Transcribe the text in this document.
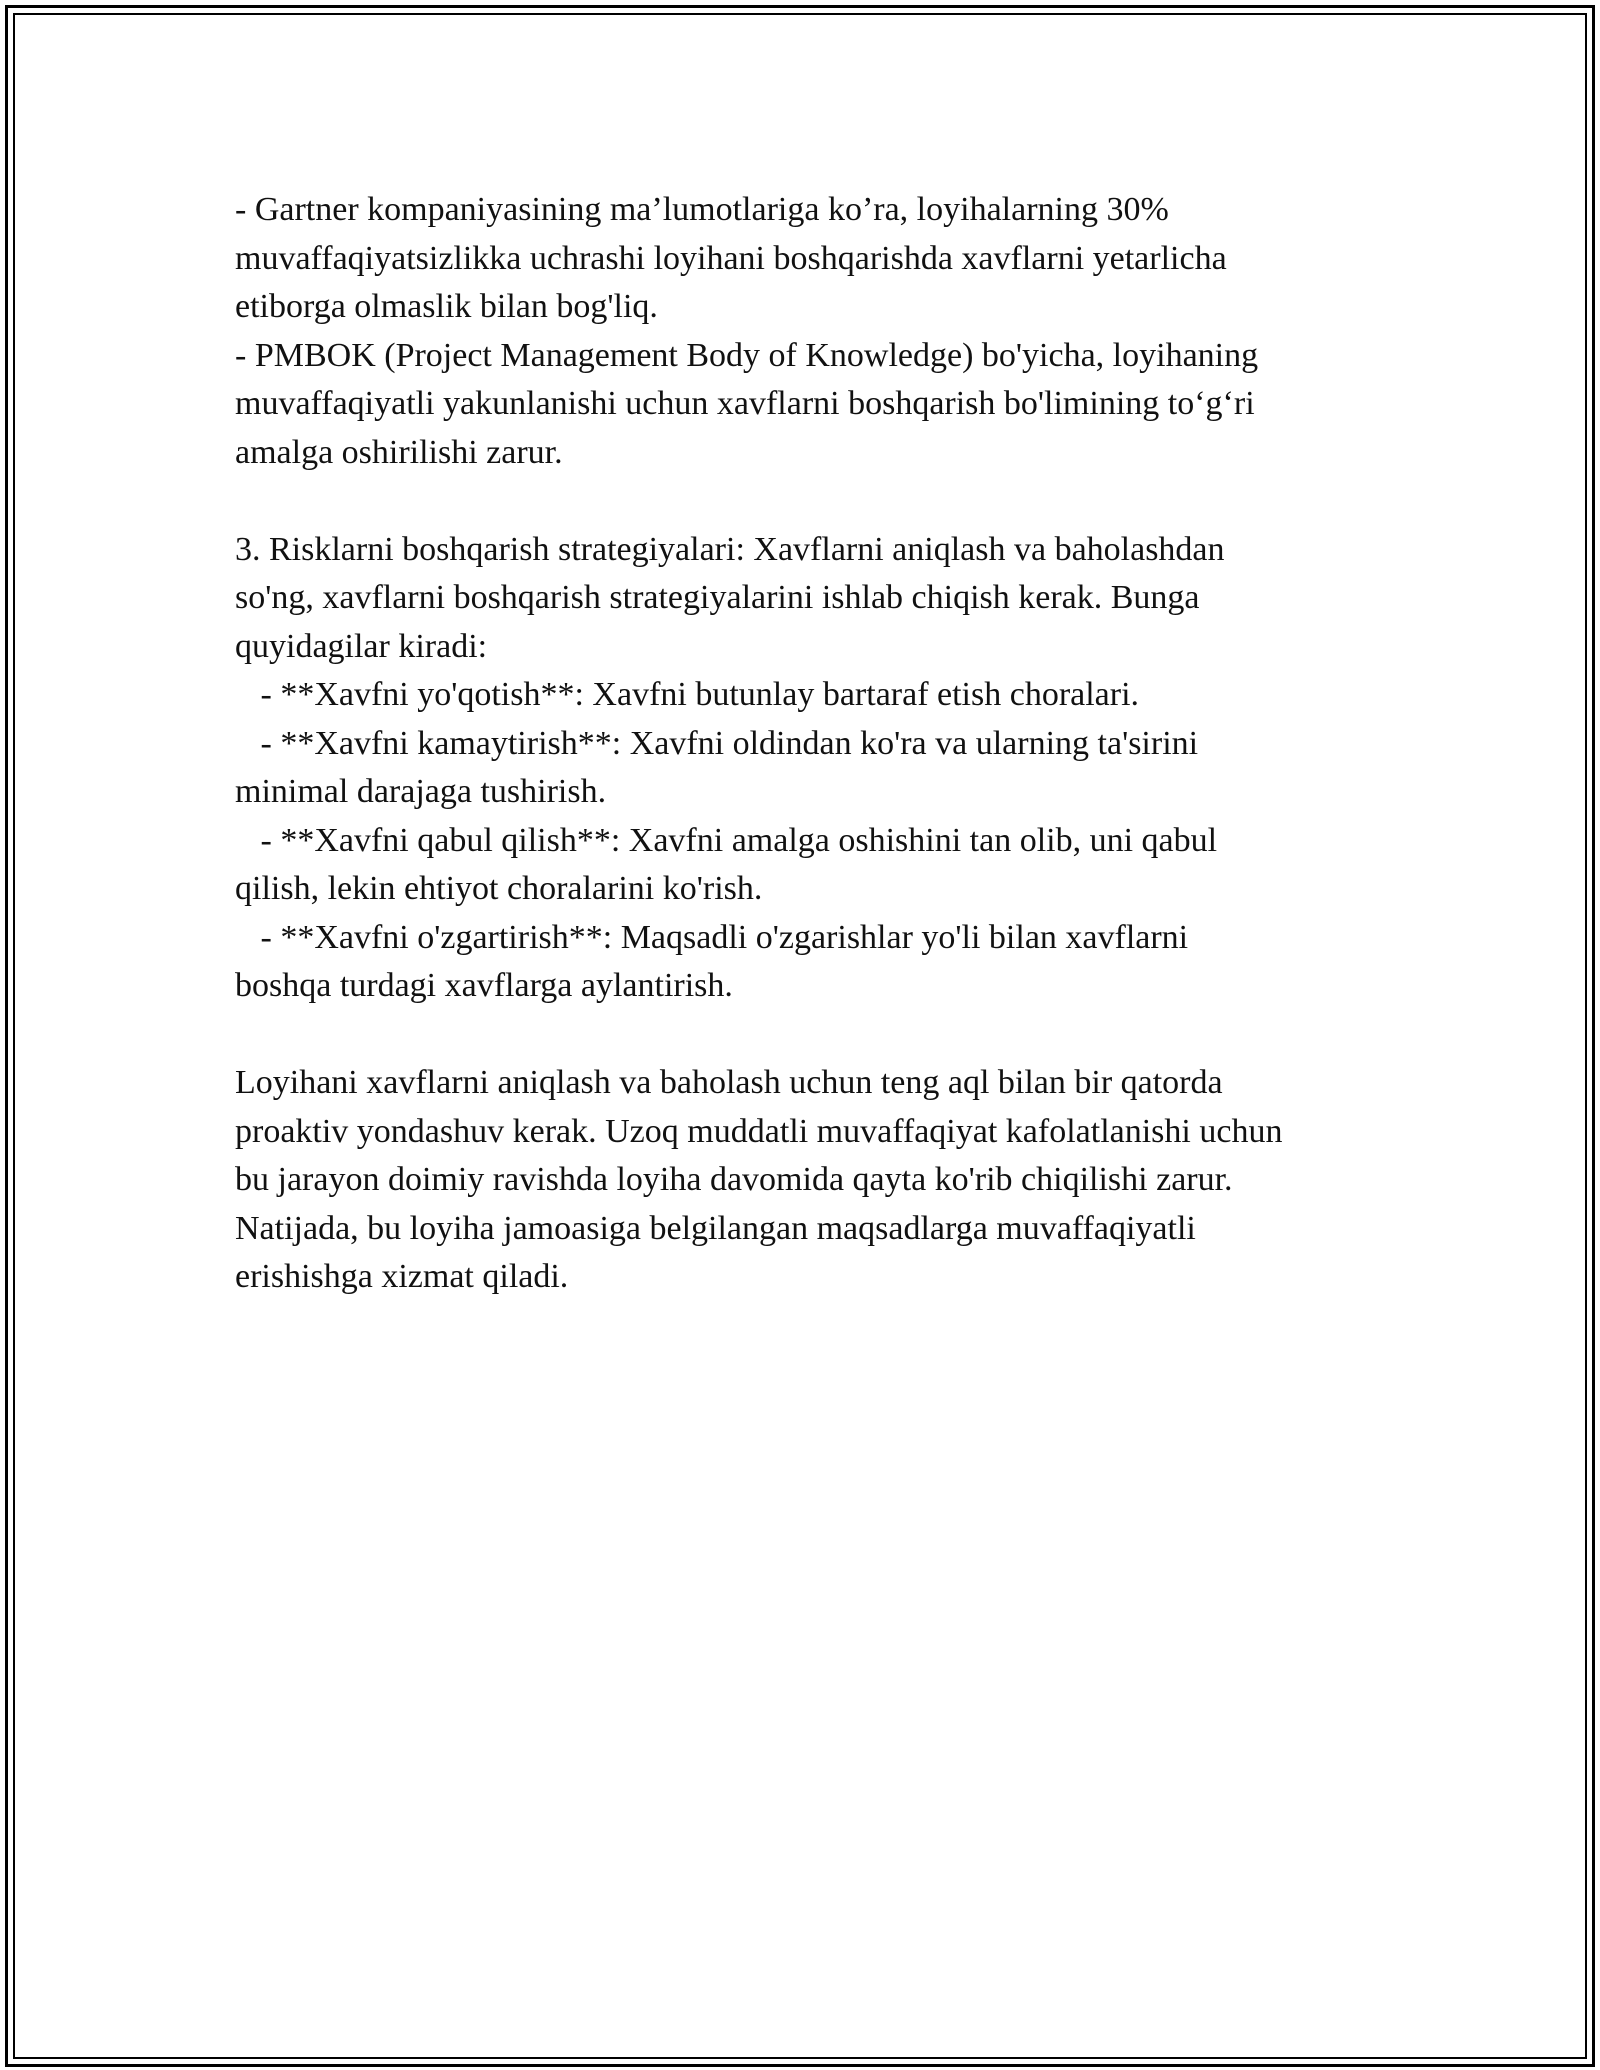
- Gartner kompaniyasining ma’lumotlariga ko’ra, loyihalarning 30%
muvaffaqiyatsizlikka uchrashi loyihani boshqarishda xavflarni yetarlicha
etiborga olmaslik bilan bog'liq.
- PMBOK (Project Management Body of Knowledge) bo'yicha, loyihaning
muvaffaqiyatli yakunlanishi uchun xavflarni boshqarish bo'limining to‘g‘ri
amalga oshirilishi zarur.
3. Risklarni boshqarish strategiyalari: Xavflarni aniqlash va baholashdan
so'ng, xavflarni boshqarish strategiyalarini ishlab chiqish kerak. Bunga
quyidagilar kiradi:
- **Xavfni yo'qotish**: Xavfni butunlay bartaraf etish choralari.
- **Xavfni kamaytirish**: Xavfni oldindan ko'ra va ularning ta'sirini
minimal darajaga tushirish.
- **Xavfni qabul qilish**: Xavfni amalga oshishini tan olib, uni qabul
qilish, lekin ehtiyot choralarini ko'rish.
- **Xavfni o'zgartirish**: Maqsadli o'zgarishlar yo'li bilan xavflarni
boshqa turdagi xavflarga aylantirish.
Loyihani xavflarni aniqlash va baholash uchun teng aql bilan bir qatorda
proaktiv yondashuv kerak. Uzoq muddatli muvaffaqiyat kafolatlanishi uchun
bu jarayon doimiy ravishda loyiha davomida qayta ko'rib chiqilishi zarur.
Natijada, bu loyiha jamoasiga belgilangan maqsadlarga muvaffaqiyatli
erishishga xizmat qiladi.
